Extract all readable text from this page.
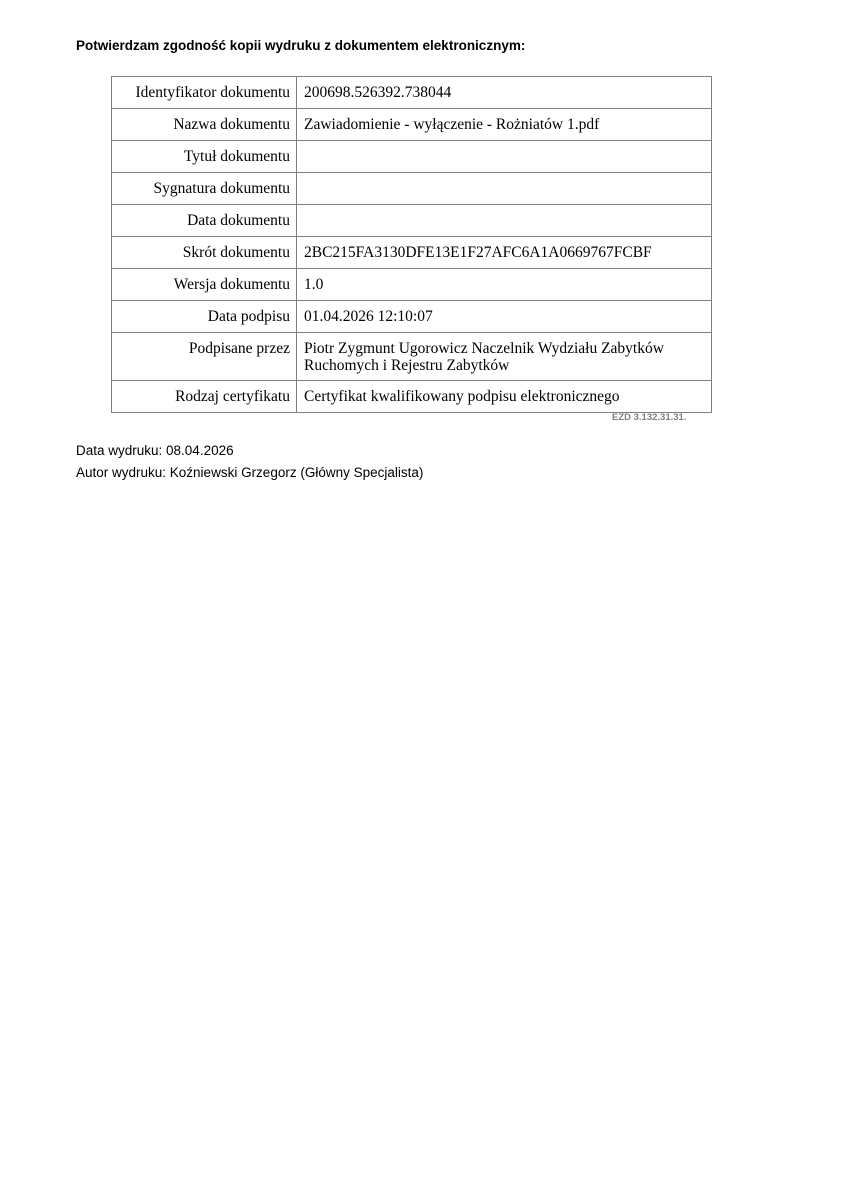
Potwierdzam zgodność kopii wydruku z dokumentem elektronicznym:
Identyfikator dokumentu	200698.526392.738044
Nazwa dokumentu	Zawiadomienie - wyłączenie - Rożniatów 1.pdf
Tytuł dokumentu	
Sygnatura dokumentu	
Data dokumentu	
Skrót dokumentu	2BC215FA3130DFE13E1F27AFC6A1A0669767FCBF
Wersja dokumentu	1.0
Data podpisu	01.04.2026 12:10:07
Podpisane przez	Piotr Zygmunt Ugorowicz Naczelnik Wydziału Zabytków Ruchomych i Rejestru Zabytków
Rodzaj certyfikatu	Certyfikat kwalifikowany podpisu elektronicznego
EZD 3.132.31.31.
Data wydruku: 08.04.2026
Autor wydruku: Koźniewski Grzegorz (Główny Specjalista)
